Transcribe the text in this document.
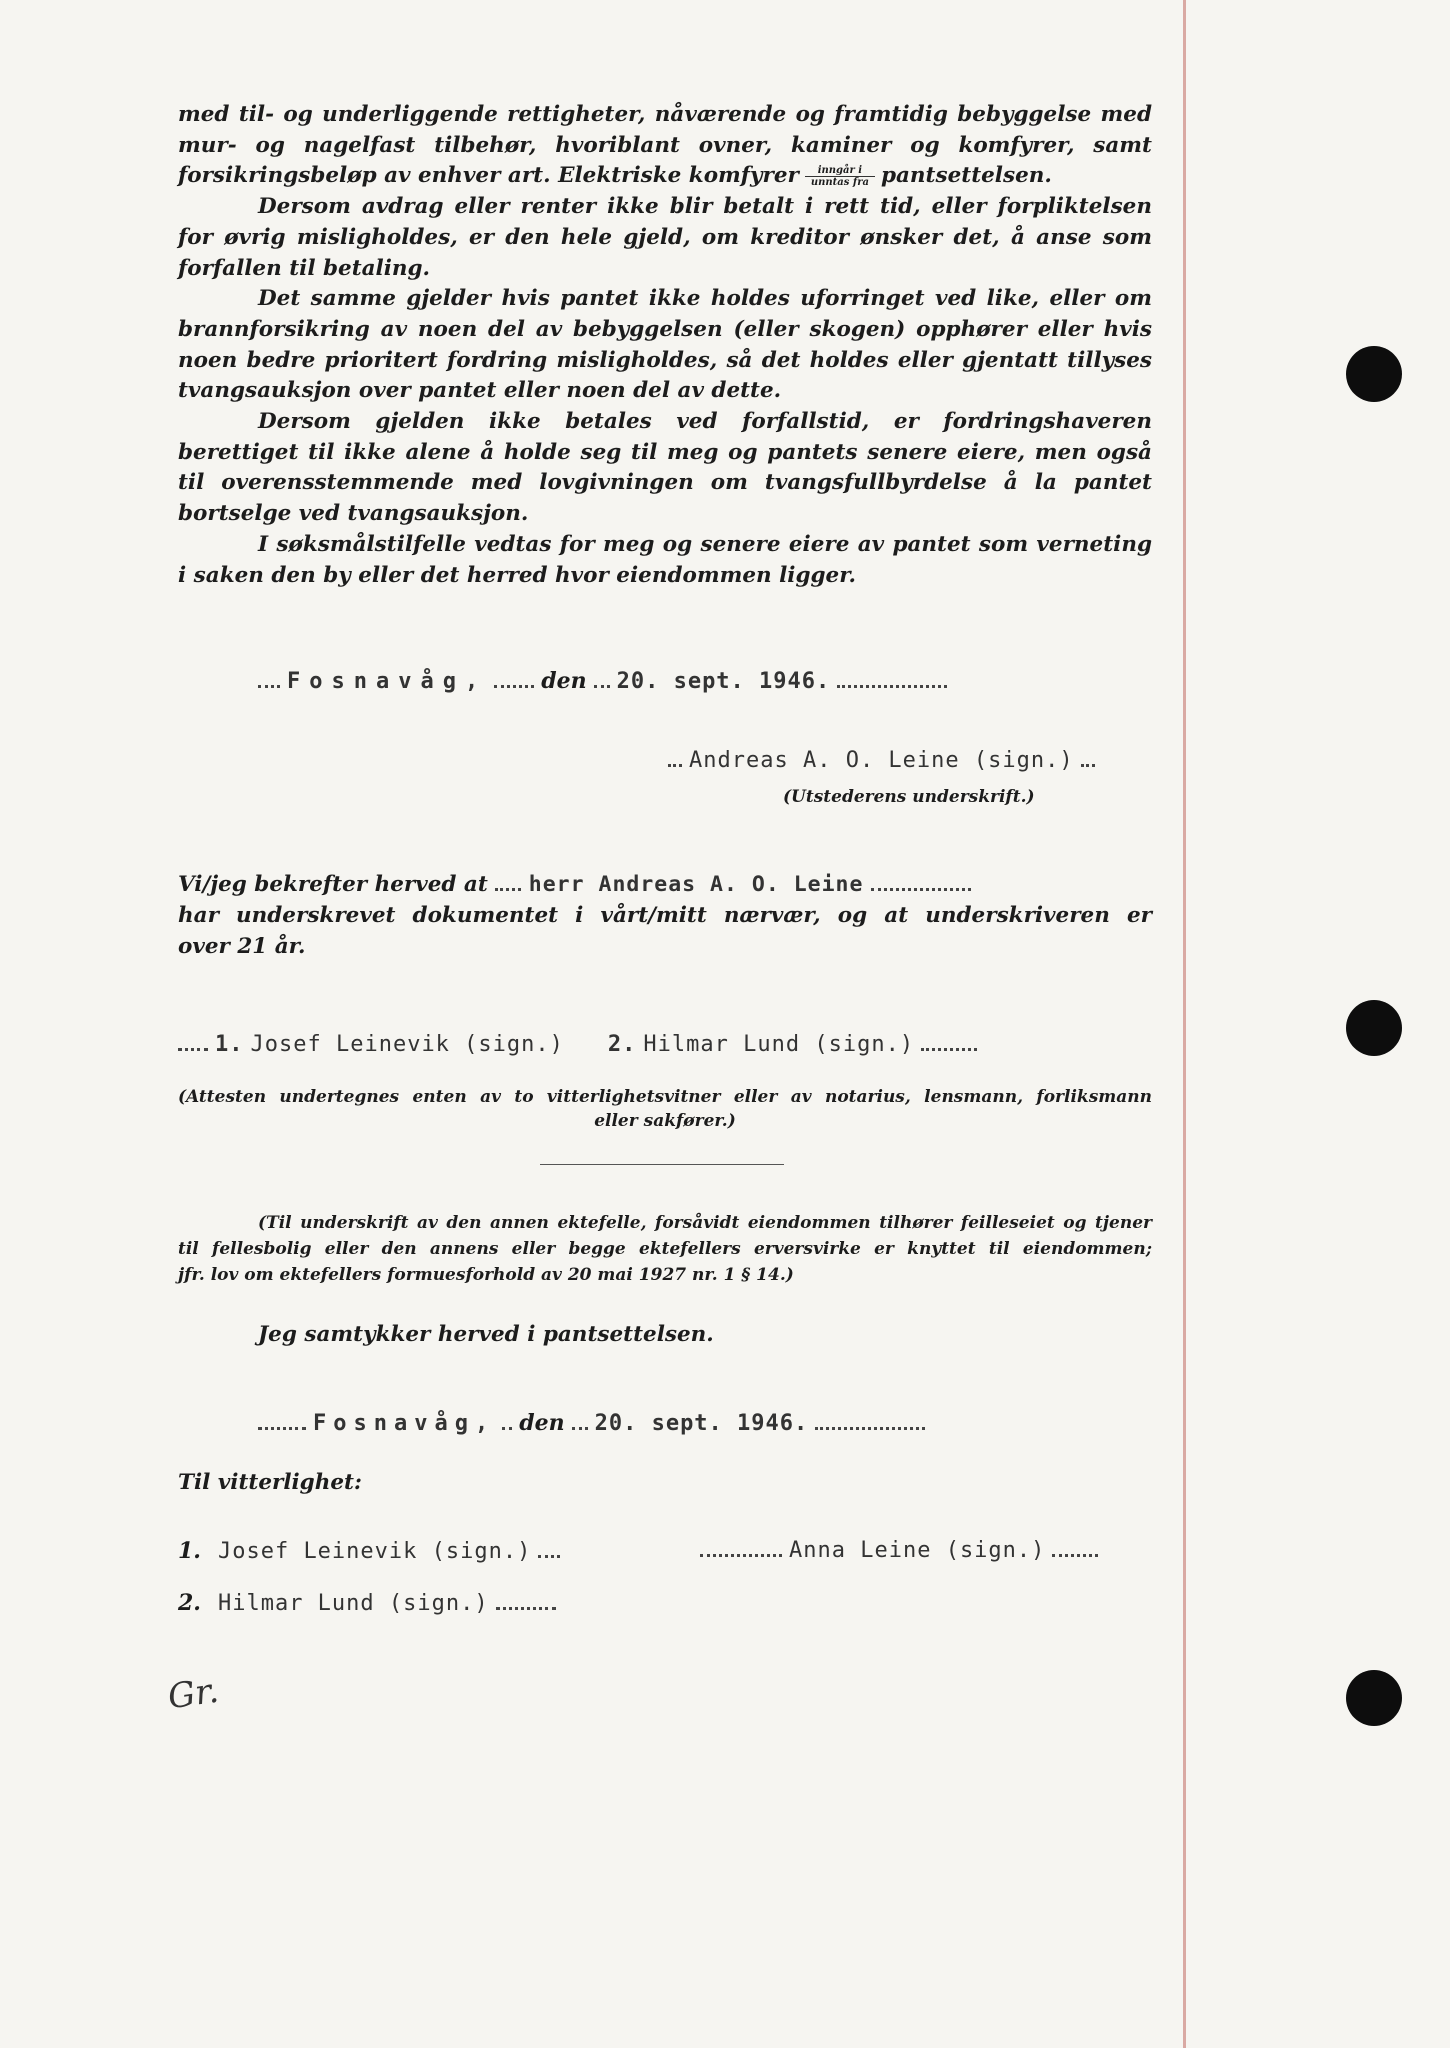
med til- og underliggende rettigheter, nåværende og framtidig bebyggelse med mur- og nagelfast tilbehør, hvoriblant ovner, kaminer og komfyrer, samt forsikringsbeløp av enhver art. Elektriske komfyrer $\frac{\text{inngår i}}{\text{unntas fra}}$ pantsettelsen.

Dersom avdrag eller renter ikke blir betalt i rett tid, eller forpliktelsen for øvrig misligholdes, er den hele gjeld, om kreditor ønsker det, å anse som forfallen til betaling.

Det samme gjelder hvis pantet ikke holdes uforringet ved like, eller om brannforsikring av noen del av bebyggelsen (eller skogen) opphører eller hvis noen bedre prioritert fordring misligholdes, så det holdes eller gjentatt tillyses tvangsauksjon over pantet eller noen del av dette.

Dersom gjelden ikke betales ved forfallstid, er fordringshaveren berettiget til ikke alene å holde seg til meg og pantets senere eiere, men også til overensstemmende med lovgivningen om tvangsfullbyrdelse å la pantet bortselge ved tvangsauksjon.

I søksmålstilfelle vedtas for meg og senere eiere av pantet som verneting i saken den by eller det herred hvor eiendommen ligger.

Fosnavåg, den 20. sept. 1946.
Andreas A. O. Leine (sign.)
(Utstederens underskrift.)
Vi/jeg bekrefter herved at herr Andreas A. O. Leine
har underskrevet dokumentet i vårt/mitt nærvær, og at underskriveren er
over 21 år.
1. Josef Leinevik (sign.) 2. Hilmar Lund (sign.)
(Attesten undertegnes enten av to vitterlighetsvitner eller av notarius, lensmann, forliksmann
eller sakfører.)
(Til underskrift av den annen ektefelle, forsåvidt eiendommen tilhører feilleseiet og tjener
til fellesbolig eller den annens eller begge ektefellers erversvirke er knyttet til eiendommen;
jfr. lov om ektefellers formuesforhold av 20 mai 1927 nr. 1 § 14.)
Jeg samtykker herved i pantsettelsen.
Fosnavåg, den 20. sept. 1946.
Til vitterlighet:
1. Josef Leinevik (sign.)	Anna Leine (sign.)
2. Hilmar Lund (sign.)
Gr.
